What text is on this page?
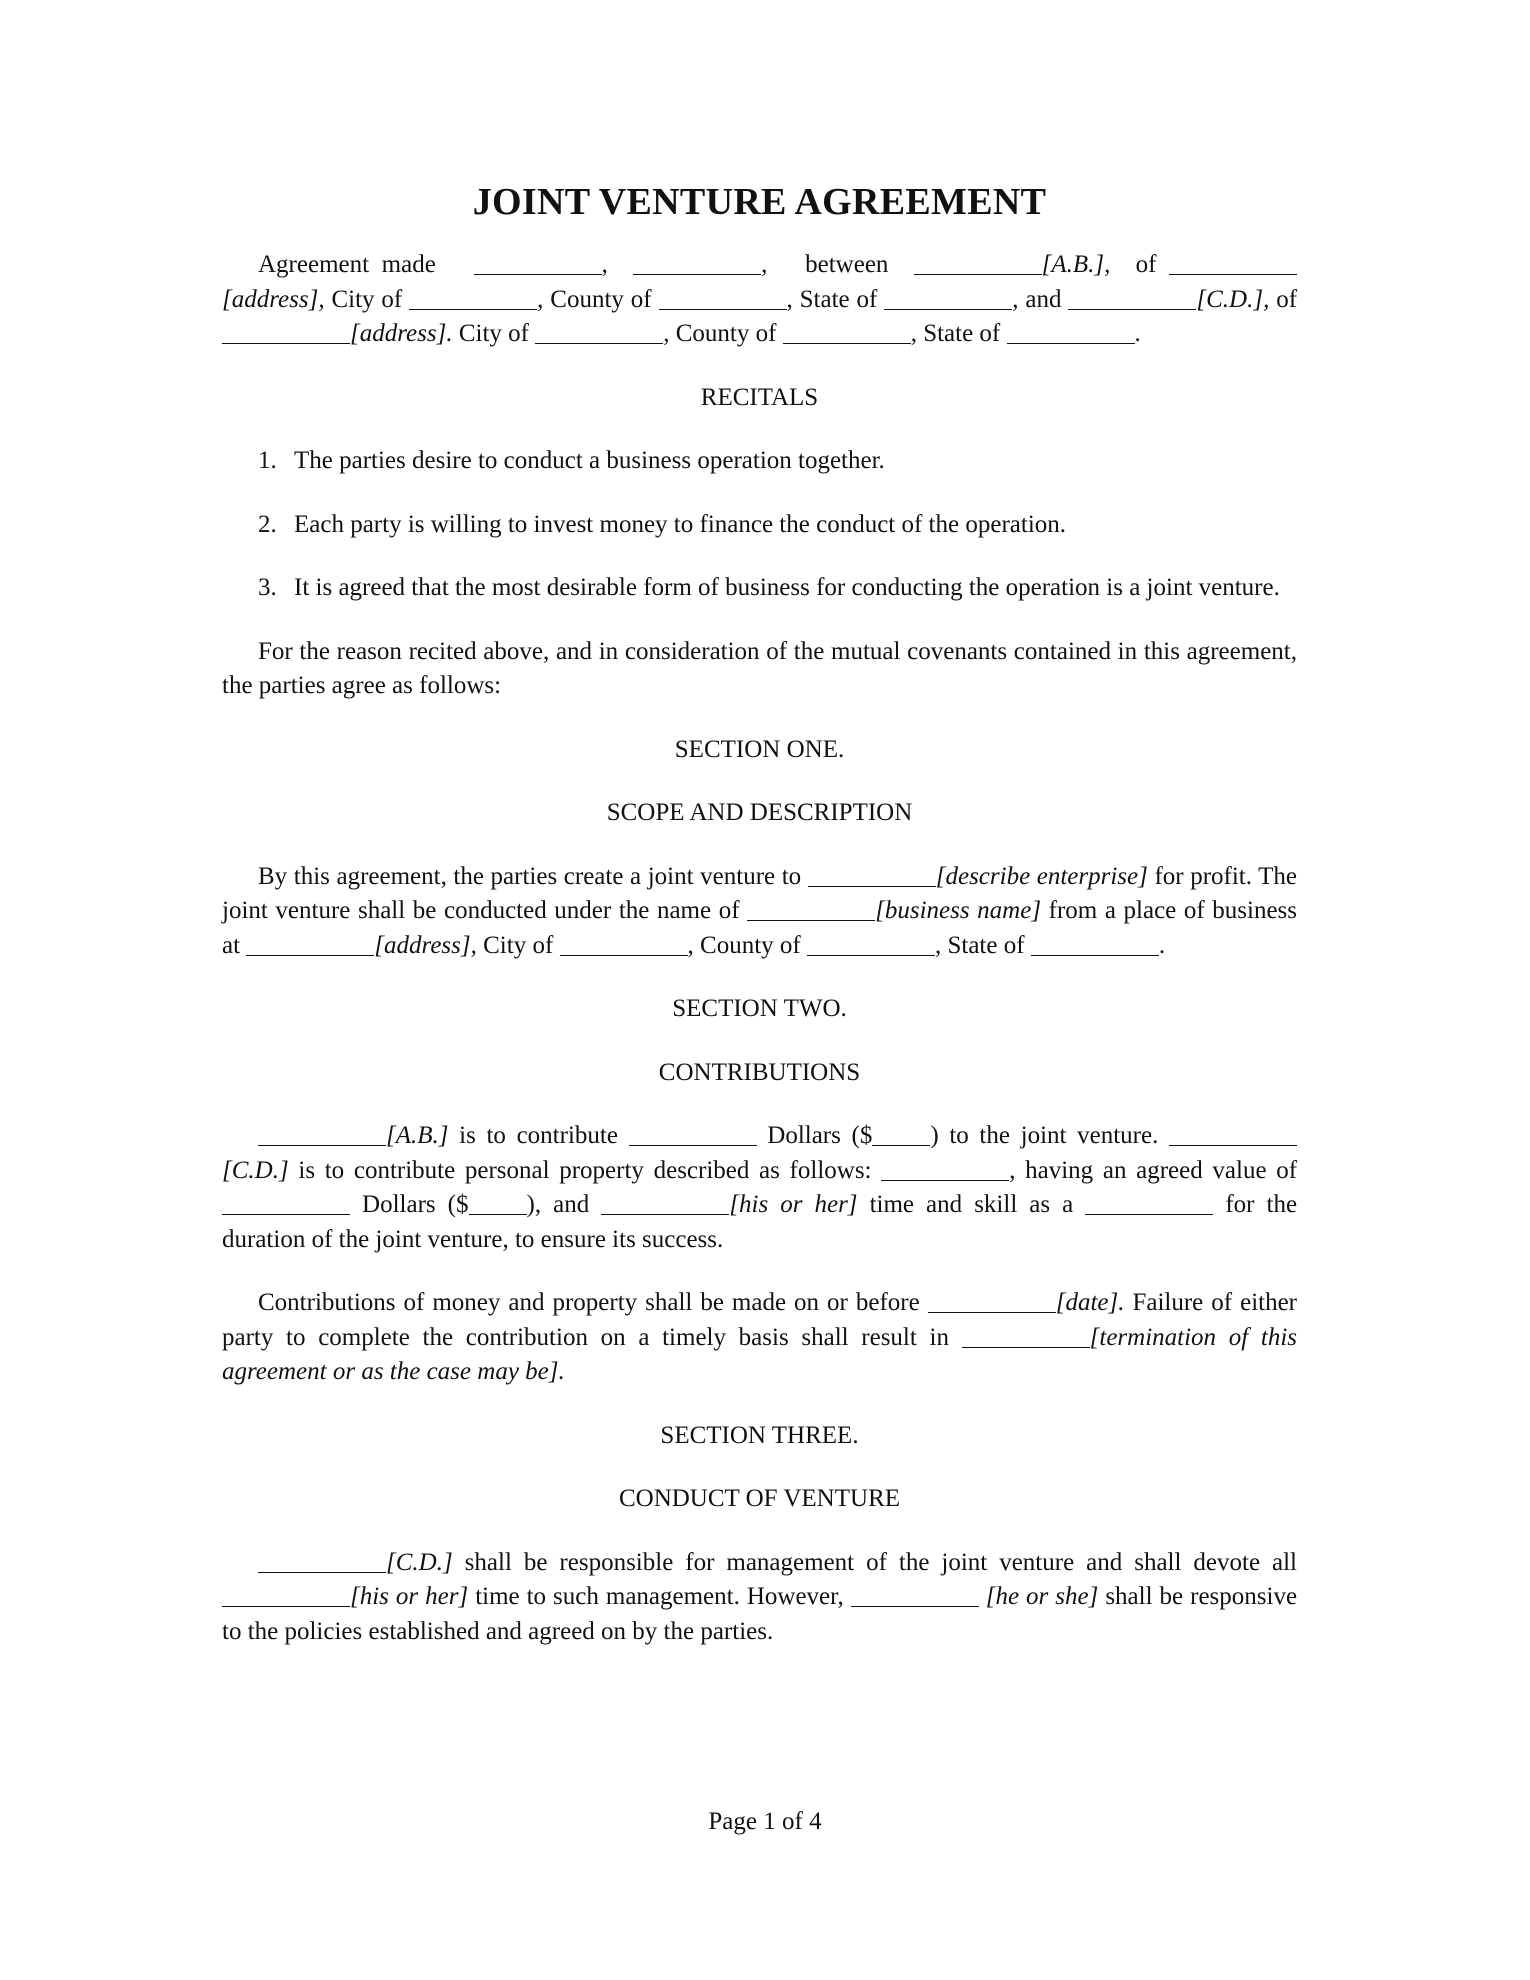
JOINT VENTURE AGREEMENT

Agreement made	,	, between	[A.B.], of [address], City of	, County of	, State of	, and	[C.D.], of [address]. City of	, County of	, State of	.

RECITALS

1. The parties desire to conduct a business operation together.
2. Each party is willing to invest money to finance the conduct of the operation.
3. It is agreed that the most desirable form of business for conducting the operation is a joint venture.

For the reason recited above, and in consideration of the mutual covenants contained in this agreement, the parties agree as follows:

SECTION ONE.

SCOPE AND DESCRIPTION

By this agreement, the parties create a joint venture to	[describe enterprise] for profit. The joint venture shall be conducted under the name of	[business name] from a place of business at	[address], City of	, County of	, State of	.

SECTION TWO.

CONTRIBUTIONS

[A.B.] is to contribute	Dollars ($ ) to the joint venture. [C.D.] is to contribute personal property described as follows:	, having an agreed value of  Dollars ($ ), and	[his or her] time and skill as a	for the duration of the joint venture, to ensure its success.

Contributions of money and property shall be made on or before	[date]. Failure of either party to complete the contribution on a timely basis shall result in	[termination of this agreement or as the case may be].

SECTION THREE.

CONDUCT OF VENTURE

[C.D.] shall be responsible for management of the joint venture and shall devote all [his or her] time to such management. However,	[he or she] shall be responsive to the policies established and agreed on by the parties.

Page 1 of 4
